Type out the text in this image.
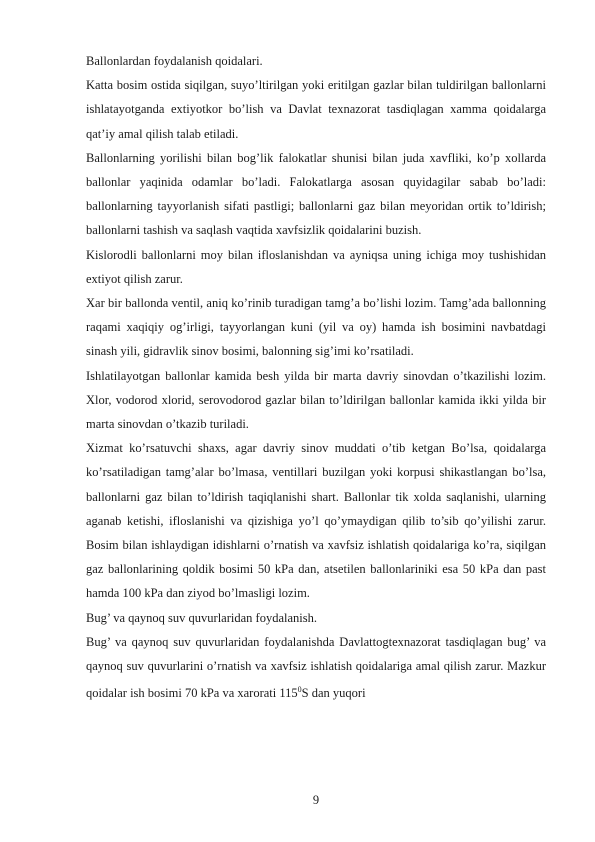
Ballonlardan foydalanish qoidalari.

Katta bosim ostida siqilgan, suyo’ltirilgan yoki eritilgan gazlar bilan tuldirilgan ballonlarni ishlatayotganda extiyotkor bo’lish va Davlat texnazorat tasdiqlagan xamma qoidalarga qat’iy amal qilish talab etiladi.

Ballonlarning yorilishi bilan bog’lik falokatlar shunisi bilan juda xavfliki, ko’p xollarda ballonlar yaqinida odamlar bo’ladi. Falokatlarga asosan quyidagilar sabab bo’ladi: ballonlarning tayyorlanish sifati pastligi; ballonlarni gaz bilan meyoridan ortik to’ldirish; ballonlarni tashish va saqlash vaqtida xavfsizlik qoidalarini buzish.

Kislorodli ballonlarni moy bilan ifloslanishdan va ayniqsa uning ichiga moy tushishidan extiyot qilish zarur.

Xar bir ballonda ventil, aniq ko’rinib turadigan tamg’a bo’lishi lozim. Tamg’ada ballonning raqami xaqiqiy og’irligi, tayyorlangan kuni (yil va oy) hamda ish bosimini navbatdagi sinash yili, gidravlik sinov bosimi, balonning sig’imi ko’rsatiladi.

Ishlatilayotgan ballonlar kamida besh yilda bir marta davriy sinovdan o’tkazilishi lozim. Xlor, vodorod xlorid, serovodorod gazlar bilan to’ldirilgan ballonlar kamida ikki yilda bir marta sinovdan o’tkazib turiladi.

Xizmat ko’rsatuvchi shaxs, agar davriy sinov muddati o’tib ketgan Bo’lsa, qoidalarga ko’rsatiladigan tamg’alar bo’lmasa, ventillari buzilgan yoki korpusi shikastlangan bo’lsa, ballonlarni gaz bilan to’ldirish taqiqlanishi shart. Ballonlar tik xolda saqlanishi, ularning aganab ketishi, ifloslanishi va qizishiga yo’l qo’ymaydigan qilib to’sib qo’yilishi zarur. Bosim bilan ishlaydigan idishlarni o’rnatish va xavfsiz ishlatish qoidalariga ko’ra, siqilgan gaz ballonlarining qoldik bosimi 50 kPa dan, atsetilen ballonlariniki esa 50 kPa dan past hamda 100 kPa dan ziyod bo’lmasligi lozim.

Bug’ va qaynoq suv quvurlaridan foydalanish.

Bug’ va qaynoq suv quvurlaridan foydalanishda Davlattogtexnazorat tasdiqlagan bug’ va qaynoq suv quvurlarini o’rnatish va xavfsiz ishlatish qoidalariga amal qilish zarur. Mazkur qoidalar ish bosimi 70 kPa va xarorati $115^0S$ dan yuqori

9
